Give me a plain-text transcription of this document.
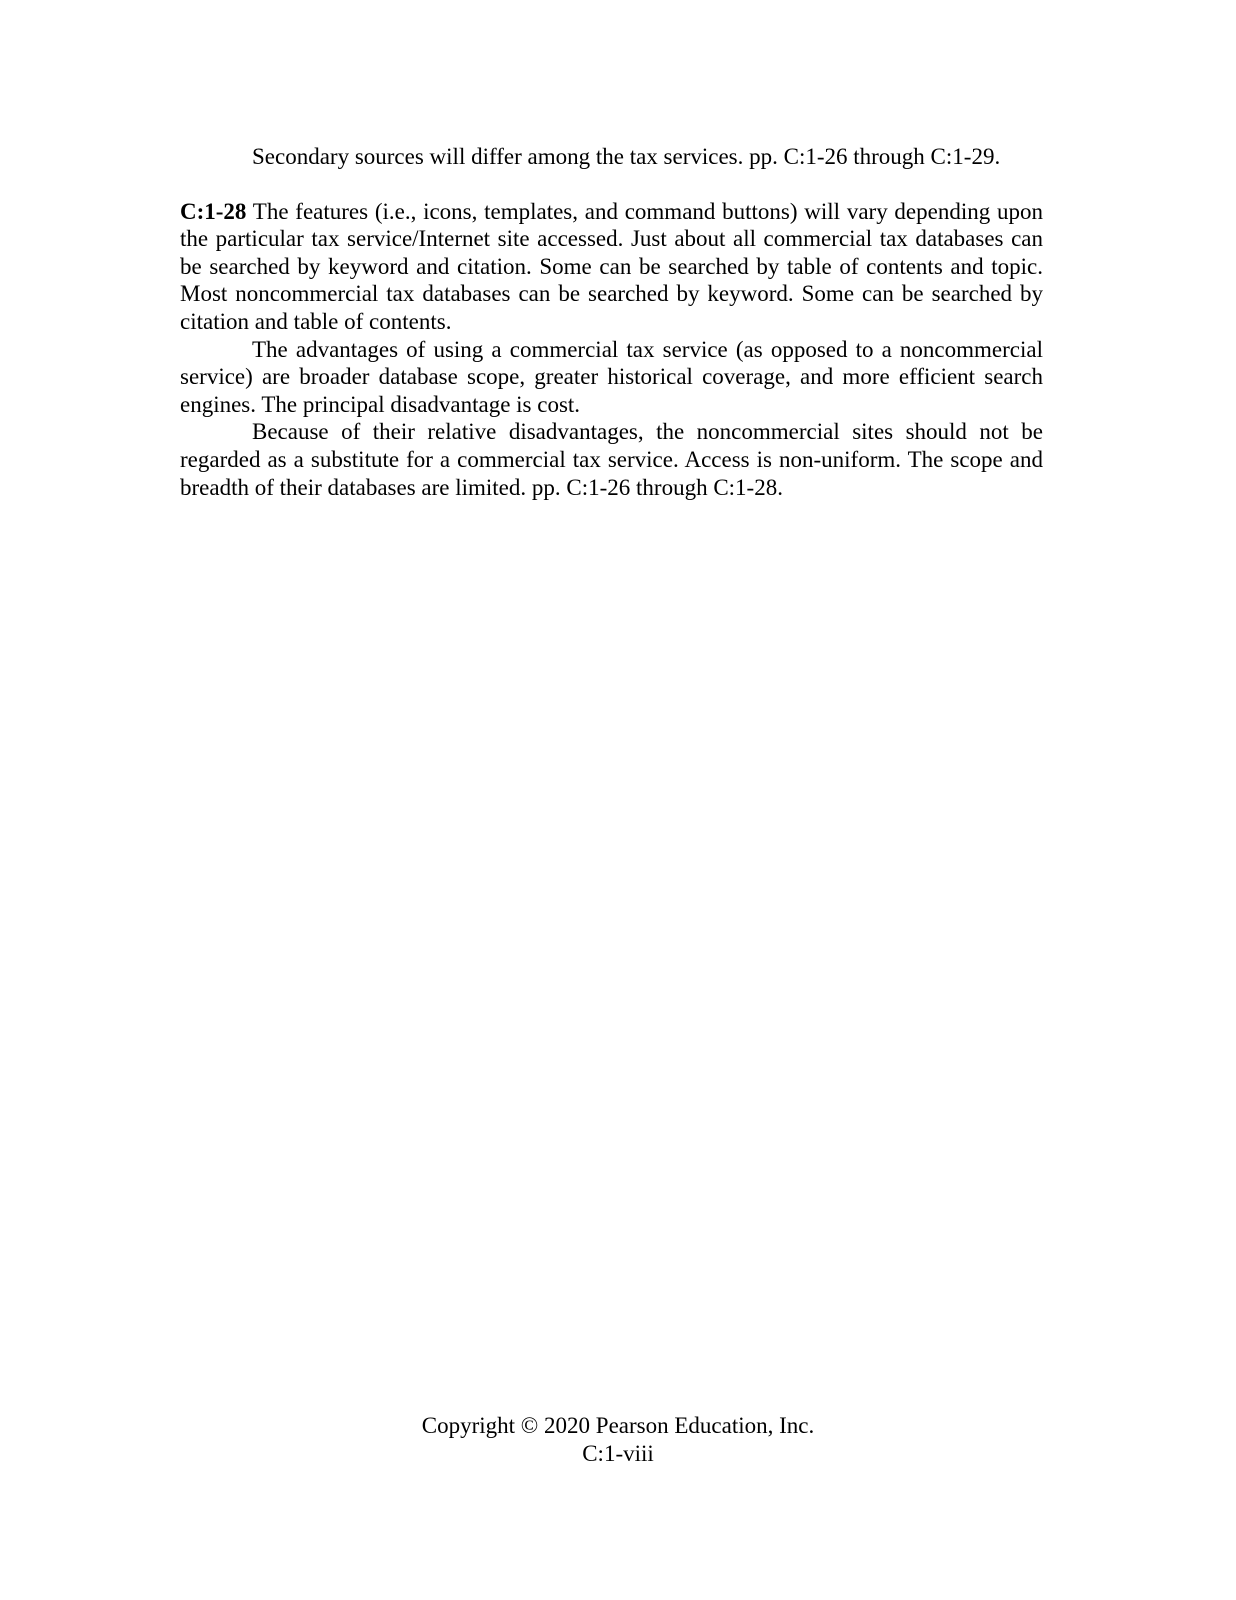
Secondary sources will differ among the tax services. pp. C:1-26 through C:1-29.

C:1-28 The features (i.e., icons, templates, and command buttons) will vary depending upon the particular tax service/Internet site accessed. Just about all commercial tax databases can be searched by keyword and citation. Some can be searched by table of contents and topic. Most noncommercial tax databases can be searched by keyword. Some can be searched by citation and table of contents.

The advantages of using a commercial tax service (as opposed to a noncommercial service) are broader database scope, greater historical coverage, and more efficient search engines. The principal disadvantage is cost.

Because of their relative disadvantages, the noncommercial sites should not be regarded as a substitute for a commercial tax service. Access is non-uniform. The scope and breadth of their databases are limited. pp. C:1-26 through C:1-28.

Copyright © 2020 Pearson Education, Inc.
C:1-viii
